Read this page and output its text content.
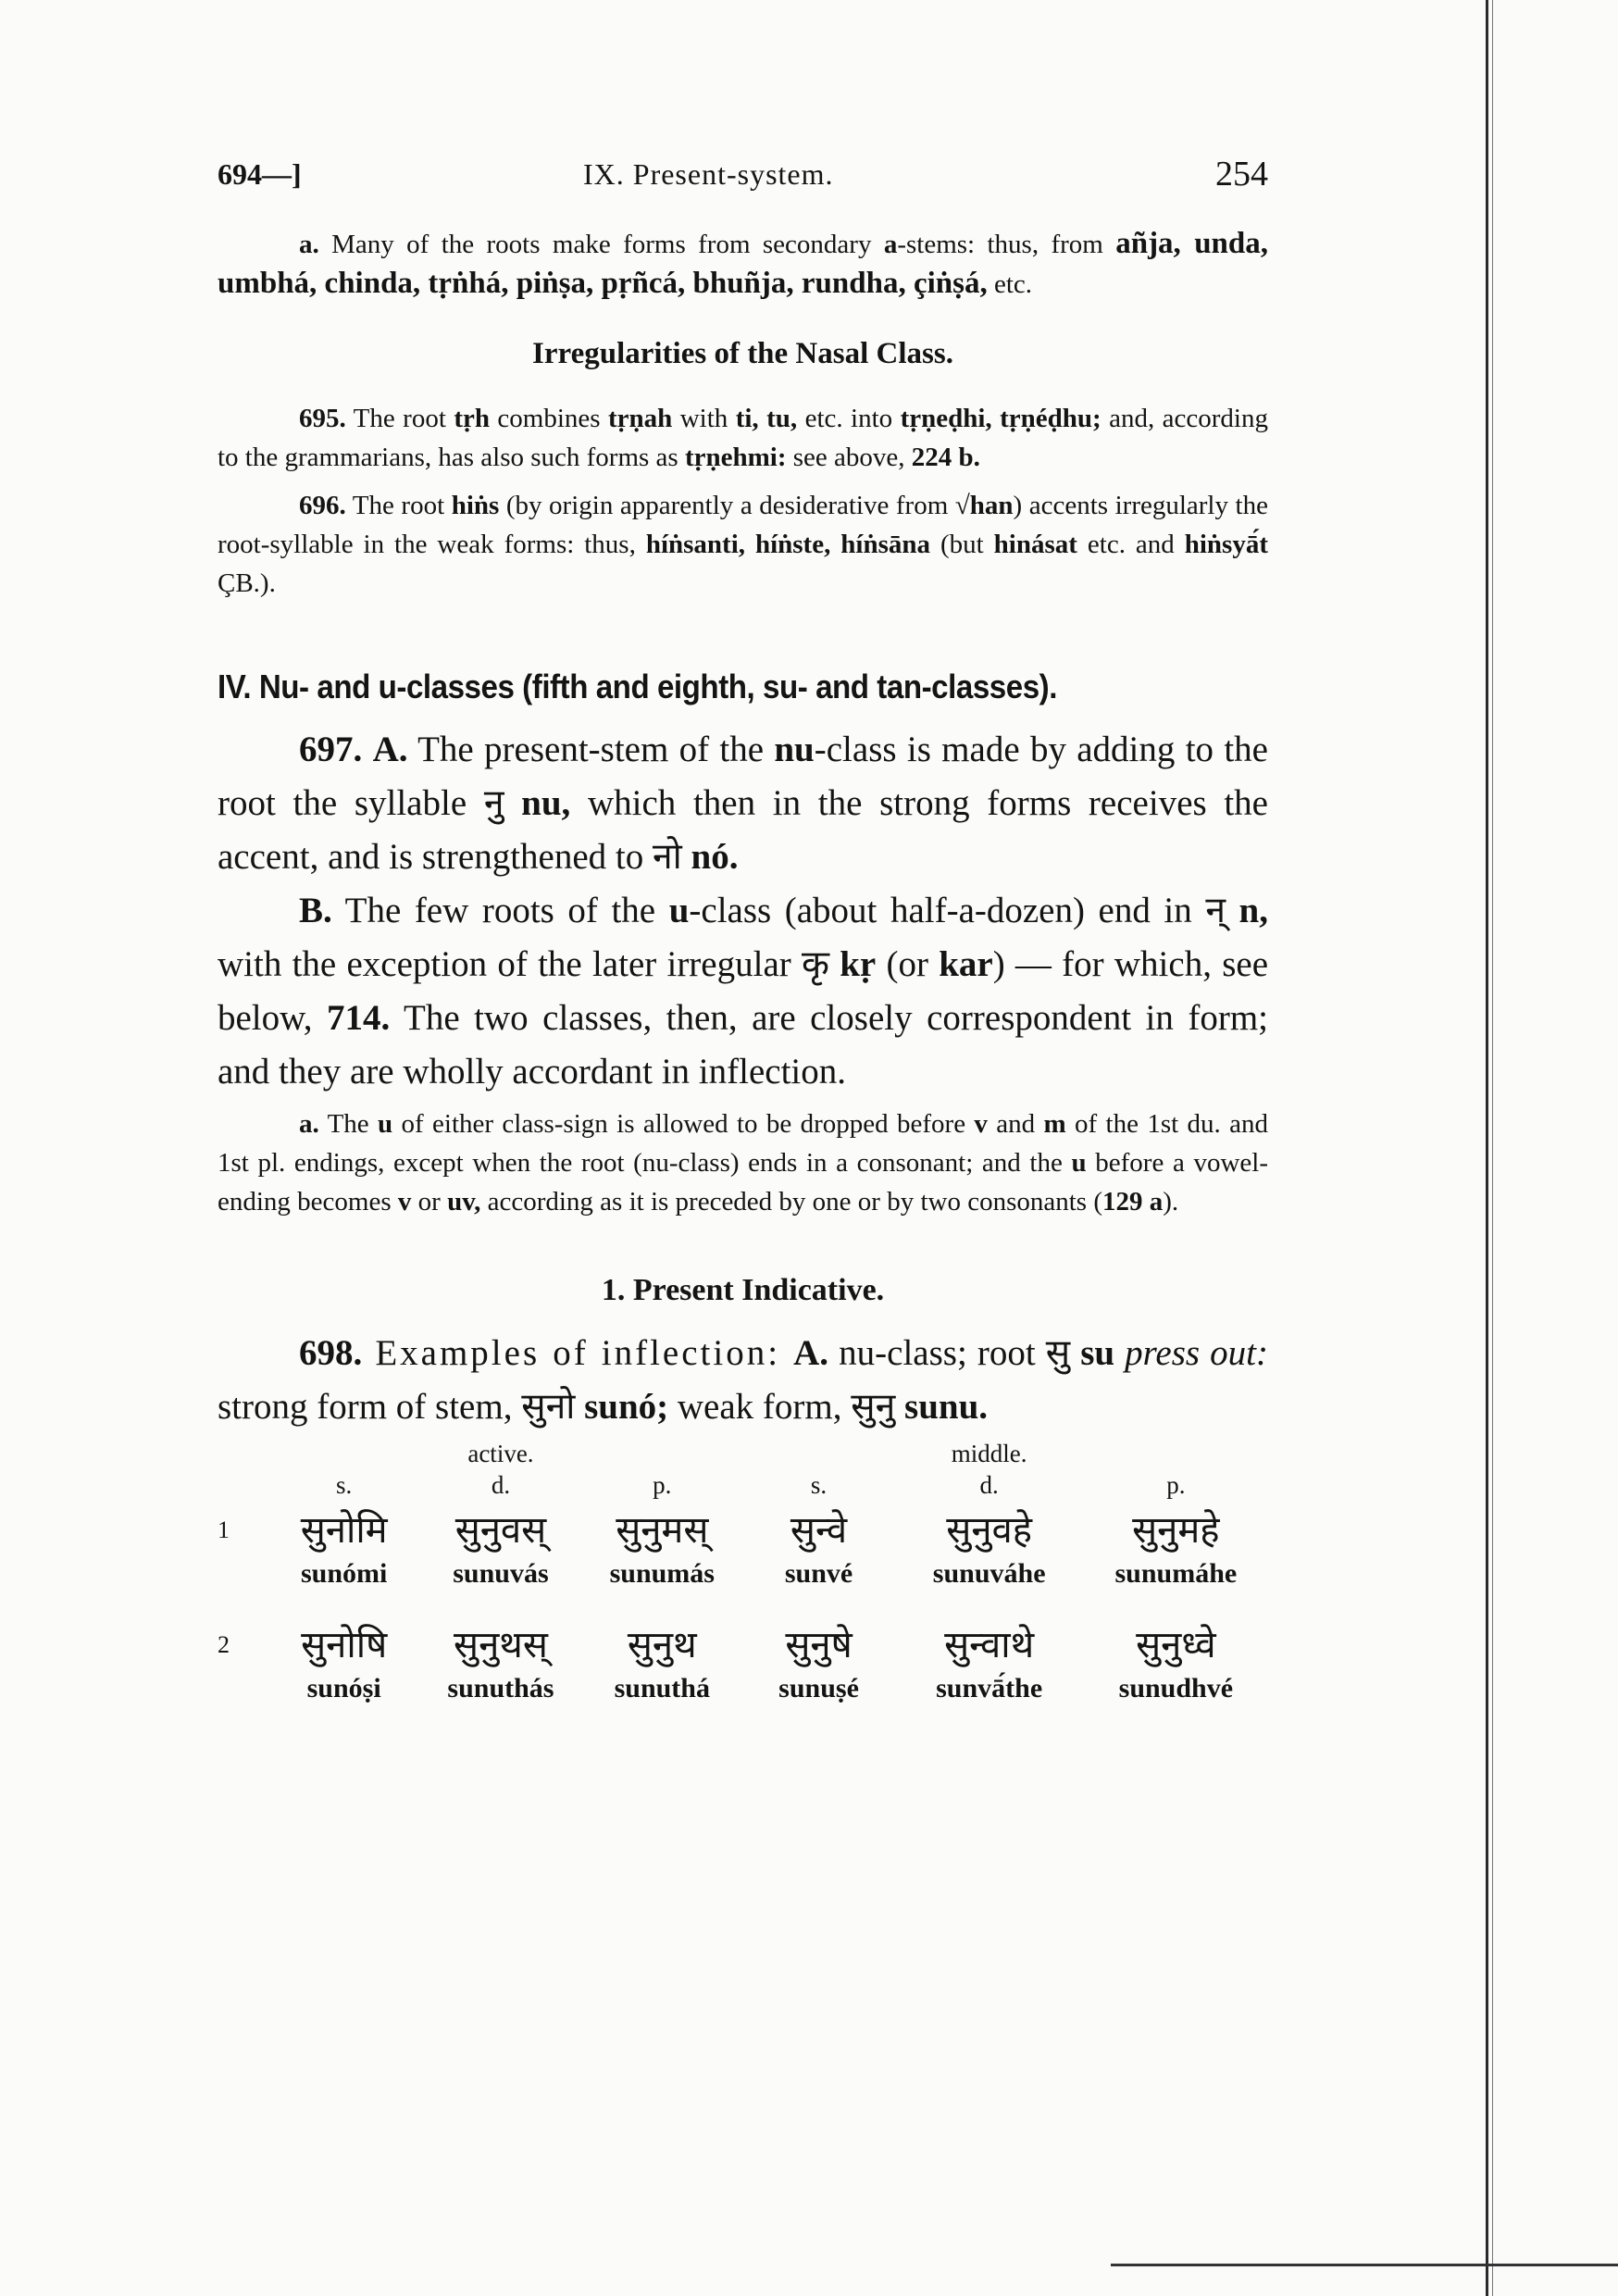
694—]	IX. Present-system.	254

a. Many of the roots make forms from secondary a-stems: thus, from añja, unda, umbhá, chinda, tṛṅhá, piṅṣa, pṛñcá, bhuñja, rundha, çiṅṣá, etc.

Irregularities of the Nasal Class.

695. The root tṛh combines tṛṇah with ti, tu, etc. into tṛṇeḍhi, tṛṇéḍhu; and, according to the grammarians, has also such forms as tṛṇehmi: see above, 224 b.

696. The root hiṅs (by origin apparently a desiderative from √han) accents irregularly the root-syllable in the weak forms: thus, híṅsanti, híṅste, híṅsāna (but hinásat etc. and hiṅsyā́t ÇB.).

IV. Nu- and u-classes (fifth and eighth, su- and tan-classes).

697. A. The present-stem of the nu-class is made by adding to the root the syllable नु nu, which then in the strong forms receives the accent, and is strengthened to नो nó.

B. The few roots of the u-class (about half-a-dozen) end in न् n, with the exception of the later irregular कृ kṛ (or kar) — for which, see below, 714. The two classes, then, are closely correspondent in form; and they are wholly accordant in inflection.

a. The u of either class-sign is allowed to be dropped before v and m of the 1st du. and 1st pl. endings, except when the root (nu-class) ends in a consonant; and the u before a vowel-ending becomes v or uv, according as it is preceded by one or by two consonants (129 a).

1. Present Indicative.

698. Examples of inflection: A. nu-class; root सु su press out: strong form of stem, सुनो sunó; weak form, सुनु sunu.

		active.			middle.	
	s.	d.	p.	s.	d.	p.
1	सुनोमि	सुनुवस्	सुनुमस्	सुन्वे	सुनुवहे	सुनुमहे
	sunómi	sunuvás	sunumás	sunvé	sunuváhe	sunumáhe
2	सुनोषि	सुनुथस्	सुनुथ	सुनुषे	सुन्वाथे	सुनुध्वे
	sunóṣi	sunuthás	sunuthá	sunuṣé	sunvā́the	sunudhvé
